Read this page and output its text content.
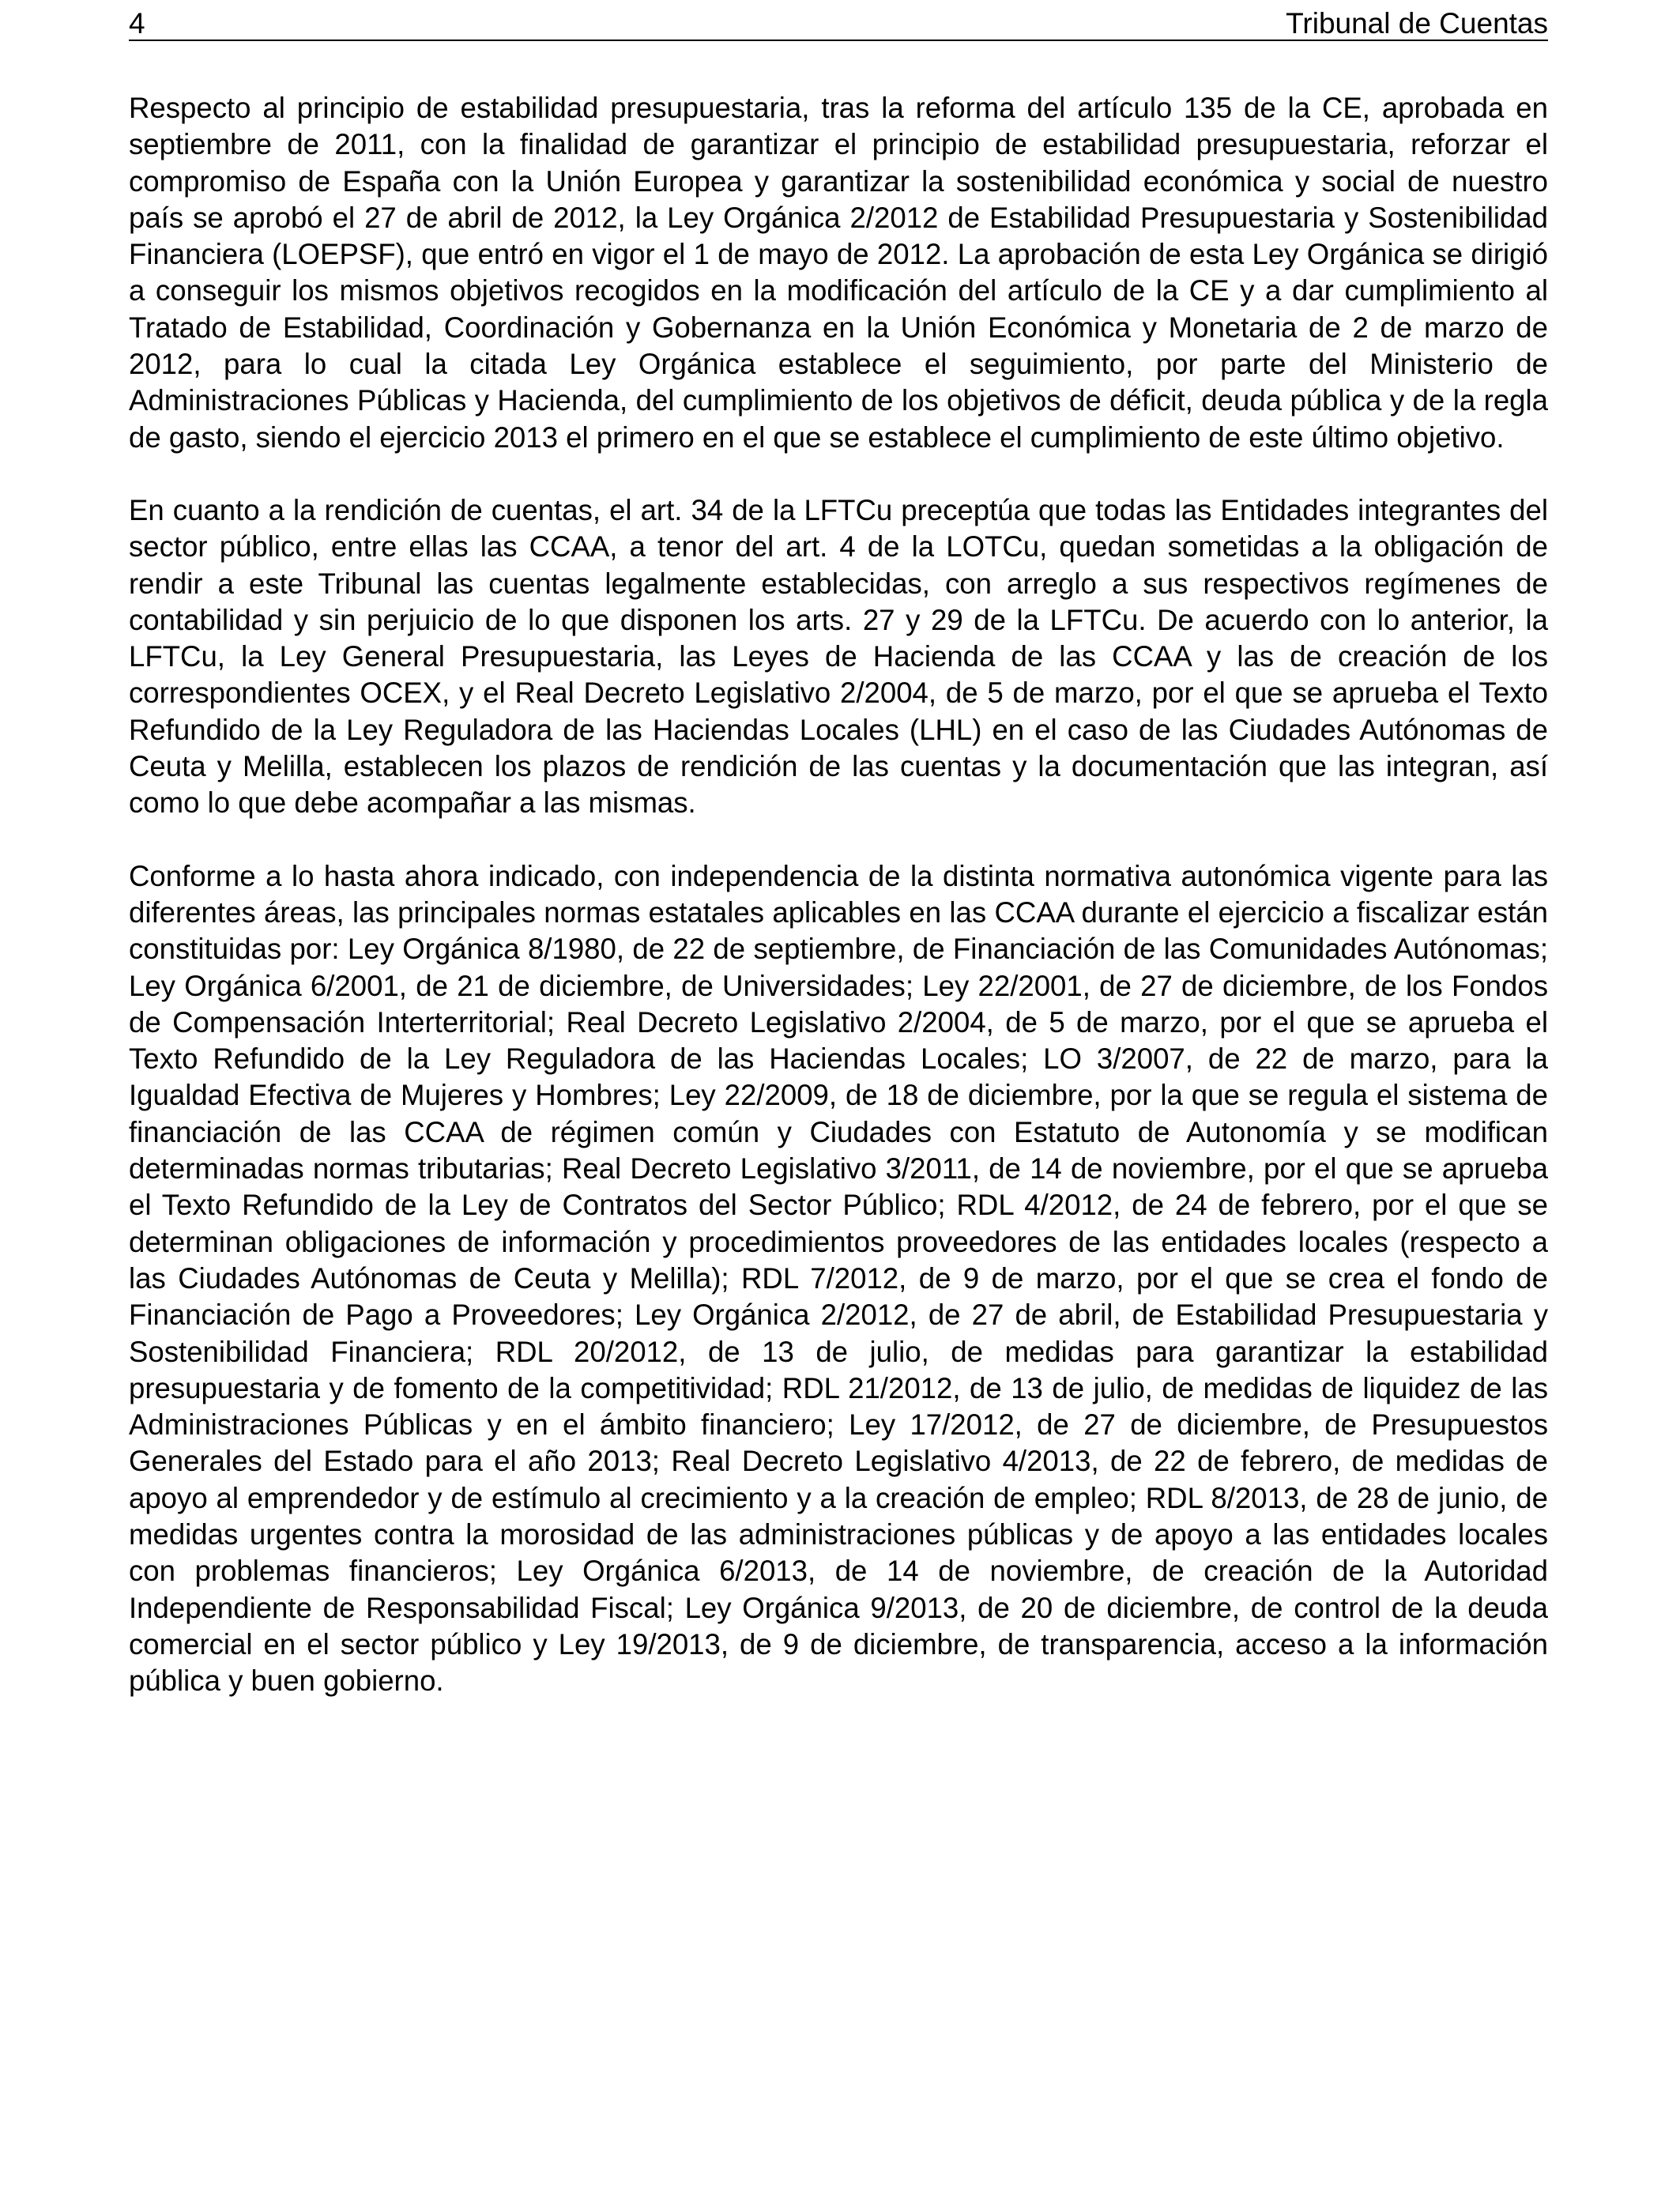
4	Tribunal de Cuentas

Respecto al principio de estabilidad presupuestaria, tras la reforma del artículo 135 de la CE, aprobada en septiembre de 2011, con la finalidad de garantizar el principio de estabilidad presupuestaria, reforzar el compromiso de España con la Unión Europea y garantizar la sostenibilidad económica y social de nuestro país se aprobó el 27 de abril de 2012, la Ley Orgánica 2/2012 de Estabilidad Presupuestaria y Sostenibilidad Financiera (LOEPSF), que entró en vigor el 1 de mayo de 2012. La aprobación de esta Ley Orgánica se dirigió a conseguir los mismos objetivos recogidos en la modificación del artículo de la CE y a dar cumplimiento al Tratado de Estabilidad, Coordinación y Gobernanza en la Unión Económica y Monetaria de 2 de marzo de 2012, para lo cual la citada Ley Orgánica establece el seguimiento, por parte del Ministerio de Administraciones Públicas y Hacienda, del cumplimiento de los objetivos de déficit, deuda pública y de la regla de gasto, siendo el ejercicio 2013 el primero en el que se establece el cumplimiento de este último objetivo.

En cuanto a la rendición de cuentas, el art. 34 de la LFTCu preceptúa que todas las Entidades integrantes del sector público, entre ellas las CCAA, a tenor del art. 4 de la LOTCu, quedan sometidas a la obligación de rendir a este Tribunal las cuentas legalmente establecidas, con arreglo a sus respectivos regímenes de contabilidad y sin perjuicio de lo que disponen los arts. 27 y 29 de la LFTCu. De acuerdo con lo anterior, la LFTCu, la Ley General Presupuestaria, las Leyes de Hacienda de las CCAA y las de creación de los correspondientes OCEX, y el Real Decreto Legislativo 2/2004, de 5 de marzo, por el que se aprueba el Texto Refundido de la Ley Reguladora de las Haciendas Locales (LHL) en el caso de las Ciudades Autónomas de Ceuta y Melilla, establecen los plazos de rendición de las cuentas y la documentación que las integran, así como lo que debe acompañar a las mismas.

Conforme a lo hasta ahora indicado, con independencia de la distinta normativa autonómica vigente para las diferentes áreas, las principales normas estatales aplicables en las CCAA durante el ejercicio a fiscalizar están constituidas por: Ley Orgánica 8/1980, de 22 de septiembre, de Financiación de las Comunidades Autónomas; Ley Orgánica 6/2001, de 21 de diciembre, de Universidades; Ley 22/2001, de 27 de diciembre, de los Fondos de Compensación Interterritorial; Real Decreto Legislativo 2/2004, de 5 de marzo, por el que se aprueba el Texto Refundido de la Ley Reguladora de las Haciendas Locales; LO 3/2007, de 22 de marzo, para la Igualdad Efectiva de Mujeres y Hombres; Ley 22/2009, de 18 de diciembre, por la que se regula el sistema de financiación de las CCAA de régimen común y Ciudades con Estatuto de Autonomía y se modifican determinadas normas tributarias; Real Decreto Legislativo 3/2011, de 14 de noviembre, por el que se aprueba el Texto Refundido de la Ley de Contratos del Sector Público; RDL 4/2012, de 24 de febrero, por el que se determinan obligaciones de información y procedimientos proveedores de las entidades locales (respecto a las Ciudades Autónomas de Ceuta y Melilla); RDL 7/2012, de 9 de marzo, por el que se crea el fondo de Financiación de Pago a Proveedores; Ley Orgánica 2/2012, de 27 de abril, de Estabilidad Presupuestaria y Sostenibilidad Financiera; RDL 20/2012, de 13 de julio, de medidas para garantizar la estabilidad presupuestaria y de fomento de la competitividad; RDL 21/2012, de 13 de julio, de medidas de liquidez de las Administraciones Públicas y en el ámbito financiero; Ley 17/2012, de 27 de diciembre, de Presupuestos Generales del Estado para el año 2013; Real Decreto Legislativo 4/2013, de 22 de febrero, de medidas de apoyo al emprendedor y de estímulo al crecimiento y a la creación de empleo; RDL 8/2013, de 28 de junio, de medidas urgentes contra la morosidad de las administraciones públicas y de apoyo a las entidades locales con problemas financieros; Ley Orgánica 6/2013, de 14 de noviembre, de creación de la Autoridad Independiente de Responsabilidad Fiscal; Ley Orgánica 9/2013, de 20 de diciembre, de control de la deuda comercial en el sector público y Ley 19/2013, de 9 de diciembre, de transparencia, acceso a la información pública y buen gobierno.
